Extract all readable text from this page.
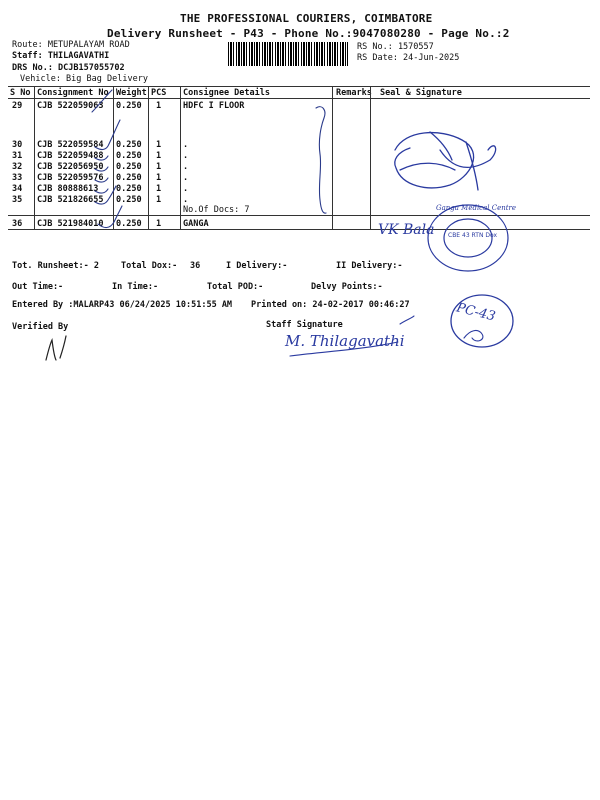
THE PROFESSIONAL COURIERS, COIMBATORE
Delivery Runsheet - P43 - Phone No.:9047080280 - Page No.:2
Route: METUPALAYAM ROAD
Staff: THILAGAVATHI
DRS No.: DCJB157055702
Vehicle: Big Bag Delivery
RS No.: 1570557
RS Date: 24-Jun-2025
S No Consignment No Weight PCS Consignee Details	Remarks Seal & Signature
29 CJB 522059063 0.250 1	HDFC I FLOOR
30 CJB 522059584 0.250 1	.
31 CJB 522059488 0.250 1	.
32 CJB 522056950 0.250 1	.
33 CJB 522059576 0.250 1	.
34 CJB 80888613 0.250 1	.
35 CJB 521826655 0.250 1	.
No.Of Docs: 7
36 CJB 521984010 0.250 1	GANGA
Ganga Medical Centre
CBE 43 RTN Dox
VK Bala
Tot. Runsheet:- 2	Total Dox:- 36	I Delivery:-	II Delivery:-
Out Time:-	In Time:-	Total POD:-	Delvy Points:-
Entered By :MALARP43 06/24/2025 10:51:55 AM Printed on: 24-02-2017 00:46:27
Verified By	Staff Signature
M. Thilagavathi
PC-43
